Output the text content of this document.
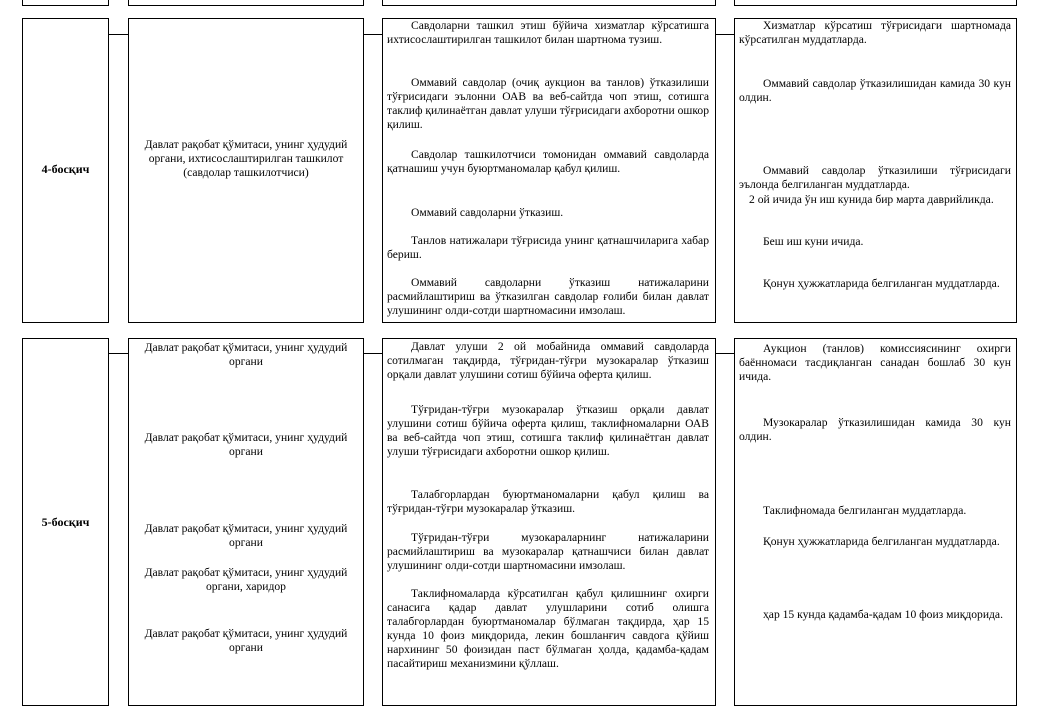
4-босқич
Давлат рақобат қўмитаси, унинг ҳудудий органи, ихтисослаштирилган ташкилот (савдолар ташкилотчиси)
Савдоларни ташкил этиш бўйича хизматлар кўрсатишга ихтисослаштирилган ташкилот билан шартнома тузиш.
Оммавий савдолар (очиқ аукцион ва танлов) ўтказилиши тўғрисидаги эълонни ОАВ ва веб-сайтда чоп этиш, сотишга таклиф қилинаётган давлат улуши тўғрисидаги ахборотни ошкор қилиш.
Савдолар ташкилотчиси томонидан оммавий савдоларда қатнашиш учун буюртманомалар қабул қилиш.
Оммавий савдоларни ўтказиш.
Танлов натижалари тўғрисида унинг қатнашчиларига хабар бериш.
Оммавий савдоларни ўтказиш натижаларини расмийлаштириш ва ўтказилган савдолар ғолиби билан давлат улушининг олди-сотди шартномасини имзолаш.
Хизматлар кўрсатиш тўғрисидаги шартномада кўрсатилган муддатларда.
Оммавий савдолар ўтказилишидан камида 30 кун олдин.
Оммавий савдолар ўтказилиши тўғрисидаги эълонда белгиланган муддатларда.
2 ой ичида ўн иш кунида бир марта даврийликда.
Беш иш куни ичида.
Қонун ҳужжатларида белгиланган муддатларда.
5-босқич
Давлат рақобат қўмитаси, унинг ҳудудий органи
Давлат рақобат қўмитаси, унинг ҳудудий органи
Давлат рақобат қўмитаси, унинг ҳудудий органи
Давлат рақобат қўмитаси, унинг ҳудудий органи, харидор
Давлат рақобат қўмитаси, унинг ҳудудий органи
Давлат улуши 2 ой мобайнида оммавий савдоларда сотилмаган тақдирда, тўғридан-тўғри музокаралар ўтказиш орқали давлат улушини сотиш бўйича оферта қилиш.
Тўғридан-тўғри музокаралар ўтказиш орқали давлат улушини сотиш бўйича оферта қилиш, таклифномаларни ОАВ ва веб-сайтда чоп этиш, сотишга таклиф қилинаётган давлат улуши тўғрисидаги ахборотни ошкор қилиш.
Талабгорлардан буюртманомаларни қабул қилиш ва тўғридан-тўғри музокаралар ўтказиш.
Тўғридан-тўғри музокараларнинг натижаларини расмийлаштириш ва музокаралар қатнашчиси билан давлат улушининг олди-сотди шартномасини имзолаш.
Таклифномаларда кўрсатилган қабул қилишнинг охирги санасига қадар давлат улушларини сотиб олишга талабгорлардан буюртманомалар бўлмаган тақдирда, ҳар 15 кунда 10 фоиз миқдорида, лекин бошланғич савдога қўйиш нархининг 50 фоизидан паст бўлмаган ҳолда, қадамба-қадам пасайтириш механизмини қўллаш.
Аукцион (танлов) комиссиясининг охирги баённомаси тасдиқланган санадан бошлаб 30 кун ичида.
Музокаралар ўтказилишидан камида 30 кун олдин.
Таклифномада белгиланган муддатларда.
Қонун ҳужжатларида белгиланган муддатларда.
ҳар 15 кунда қадамба-қадам 10 фоиз миқдорида.
